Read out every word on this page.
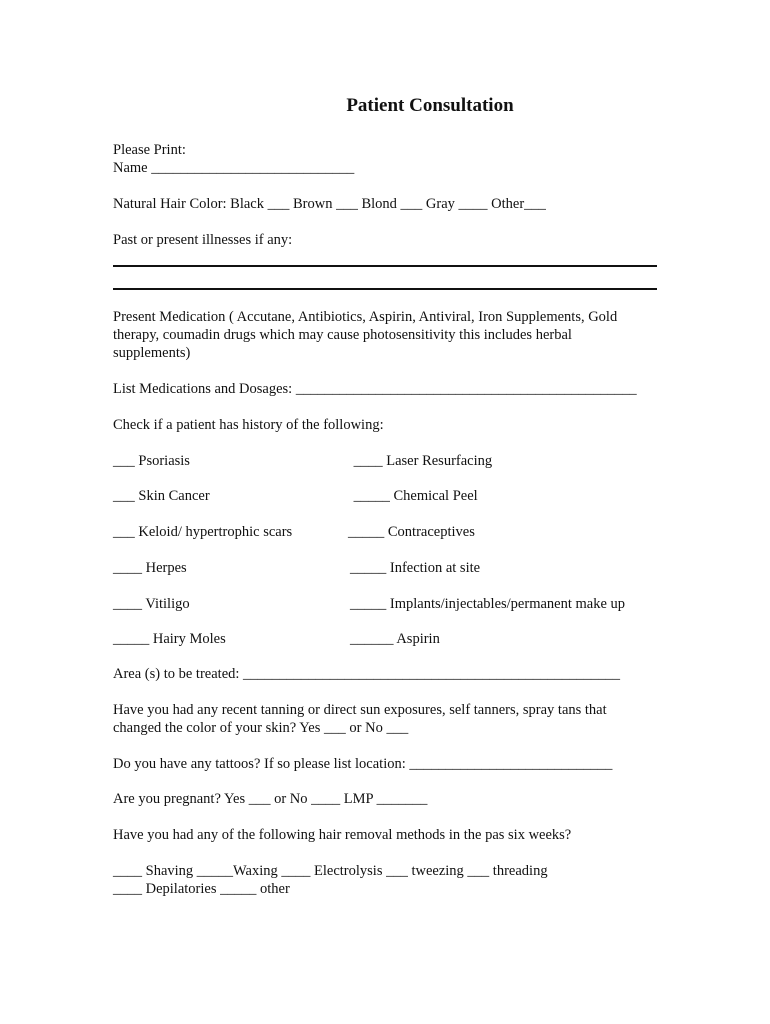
Patient Consultation
Please Print:
Name ____________________________
Natural Hair Color: Black ___ Brown ___ Blond ___ Gray ____ Other___
Past or present illnesses if any:
Present Medication ( Accutane, Antibiotics, Aspirin, Antiviral, Iron Supplements, Gold
therapy, coumadin drugs which may cause photosensitivity this includes herbal
supplements)
List Medications and Dosages: _______________________________________________
Check if a patient has history of the following:
___ Psoriasis	____ Laser Resurfacing
___ Skin Cancer	_____ Chemical Peel
___ Keloid/ hypertrophic scars	_____ Contraceptives
____ Herpes	_____ Infection at site
____ Vitiligo	_____ Implants/injectables/permanent make up
_____ Hairy Moles	______ Aspirin
Area (s) to be treated: ____________________________________________________
Have you had any recent tanning or direct sun exposures, self tanners, spray tans that
changed the color of your skin? Yes ___ or No ___
Do you have any tattoos? If so please list location: ____________________________
Are you pregnant? Yes ___ or No ____ LMP _______
Have you had any of the following hair removal methods in the pas six weeks?
____ Shaving _____Waxing ____ Electrolysis ___ tweezing ___ threading
____ Depilatories _____ other
